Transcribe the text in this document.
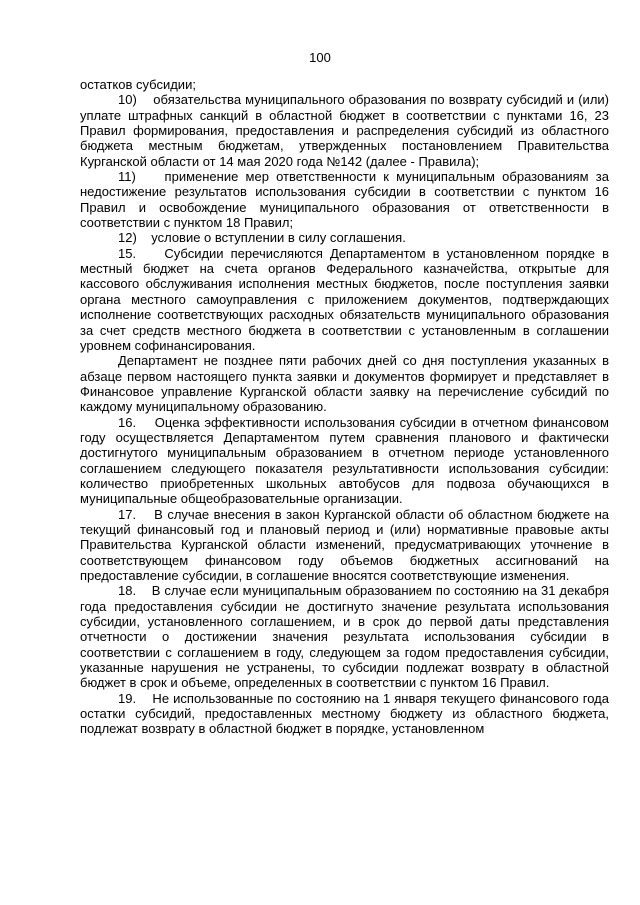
100

остатков субсидии;

10)    обязательства муниципального образования по возврату субсидий и (или) уплате штрафных санкций в областной бюджет в соответствии с пунктами 16, 23 Правил формирования, предоставления и распределения субсидий из областного бюджета местным бюджетам, утвержденных постановлением Правительства Курганской области от 14 мая 2020 года №142 (далее - Правила);

11)    применение мер ответственности к муниципальным образованиям за недостижение результатов использования субсидии в соответствии с пунктом 16 Правил и освобождение муниципального образования от ответственности в соответствии с пунктом 18 Правил;

12)    условие о вступлении в силу соглашения.

15.    Субсидии перечисляются Департаментом в установленном порядке в местный бюджет на счета органов Федерального казначейства, открытые для кассового обслуживания исполнения местных бюджетов, после поступления заявки органа местного самоуправления с приложением документов, подтверждающих исполнение соответствующих расходных обязательств муниципального образования за счет средств местного бюджета в соответствии с установленным в соглашении уровнем софинансирования.

Департамент не позднее пяти рабочих дней со дня поступления указанных в абзаце первом настоящего пункта заявки и документов формирует и представляет в Финансовое управление Курганской области заявку на перечисление субсидий по каждому муниципальному образованию.

16.    Оценка эффективности использования субсидии в отчетном финансовом году осуществляется Департаментом путем сравнения планового и фактически достигнутого муниципальным образованием в отчетном периоде установленного соглашением следующего показателя результативности использования субсидии: количество приобретенных школьных автобусов для подвоза обучающихся в муниципальные общеобразовательные организации.

17.    В случае внесения в закон Курганской области об областном бюджете на текущий финансовый год и плановый период и (или) нормативные правовые акты Правительства Курганской области изменений, предусматривающих уточнение в соответствующем финансовом году объемов бюджетных ассигнований на предоставление субсидии, в соглашение вносятся соответствующие изменения.

18.    В случае если муниципальным образованием по состоянию на 31 декабря года предоставления субсидии не достигнуто значение результата использования субсидии, установленного соглашением, и в срок до первой даты представления отчетности о достижении значения результата использования субсидии в соответствии с соглашением в году, следующем за годом предоставления субсидии, указанные нарушения не устранены, то субсидии подлежат возврату в областной бюджет в срок и объеме, определенных в соответствии с пунктом 16 Правил.

19.    Не использованные по состоянию на 1 января текущего финансового года остатки субсидий, предоставленных местному бюджету из областного бюджета, подлежат возврату в областной бюджет в порядке, установленном
